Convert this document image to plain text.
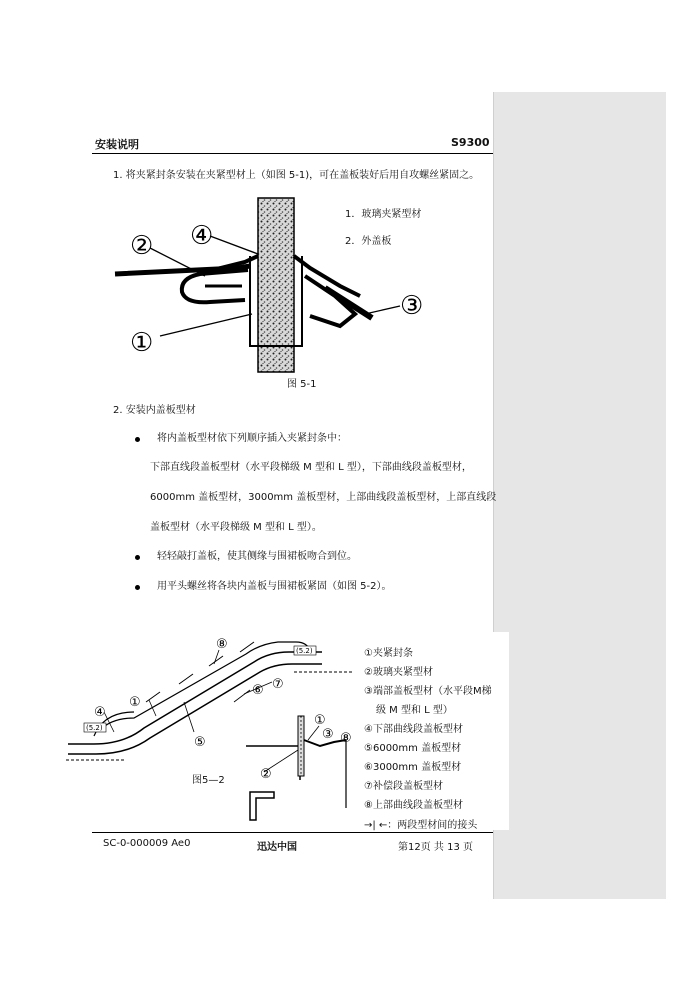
安装说明	S9300
1. 将夹紧封条安装在夹紧型材上（如图 5-1)，可在盖板装好后用自攻螺丝紧固之。
② ④
①
③
1．玻璃夹紧型材
2．外盖板
图 5-1
2. 安装内盖板型材
将内盖板型材依下列顺序插入夹紧封条中：
下部直线段盖板型材（水平段梯级 M 型和 L 型），下部曲线段盖板型材，
6000mm 盖板型材，3000mm 盖板型材，上部曲线段盖板型材，上部直线段
盖板型材（水平段梯级 M 型和 L 型）。
轻轻敲打盖板，使其侧缘与围裙板吻合到位。
用平头螺丝将各块内盖板与围裙板紧固（如图 5-2）。
(5.2)
(5.2)
④
①
⑤
⑥ ⑦
⑧
①
②
③ ⑧
图5—2
①夹紧封条
②玻璃夹紧型材
③端部盖板型材（水平段M梯
级 M 型和 L 型）
④下部曲线段盖板型材
⑤6000mm 盖板型材
⑥3000mm 盖板型材
⑦补偿段盖板型材
⑧上部曲线段盖板型材
→| ←：两段型材间的接头
SC-0-000009 Ae0	迅达中国	第12页 共 13 页
